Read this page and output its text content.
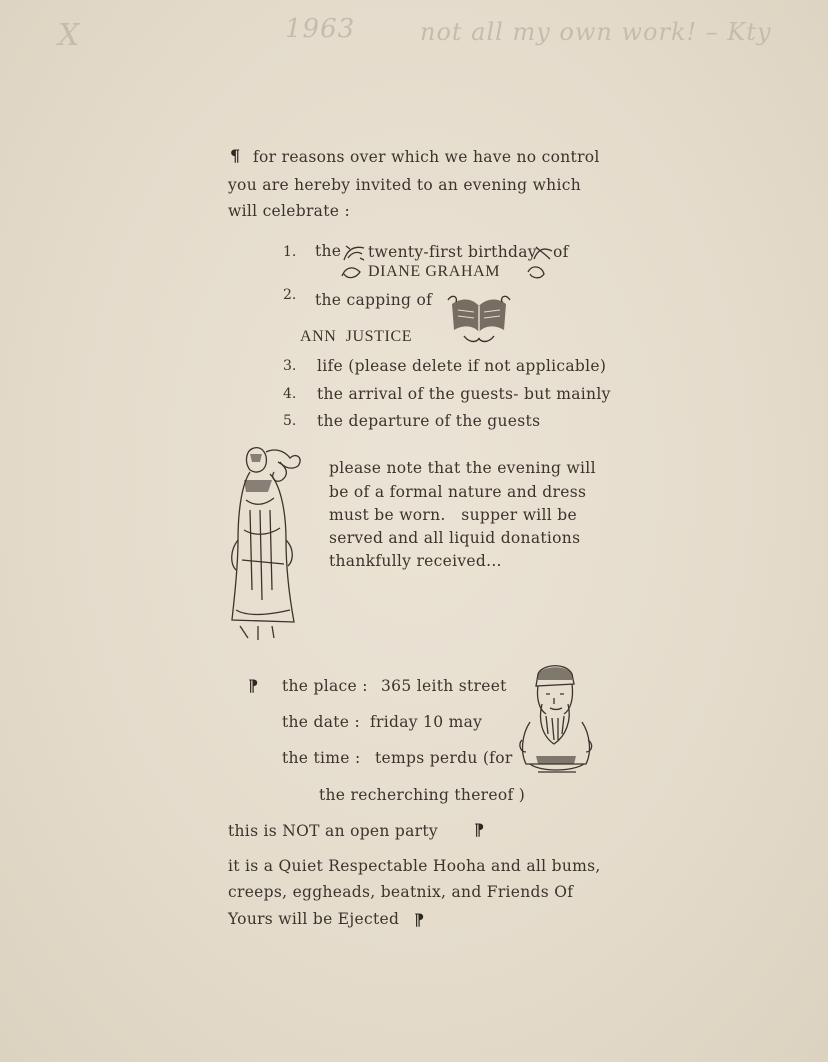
X	1963	not all my own work! – Kty
¶ for reasons over which we have no control
you are hereby invited to an evening which
will celebrate :
1. the twenty-first birthday of
DIANE GRAHAM
2. the capping of
ANN  JUSTICE
3. life (please delete if not applicable)
4. the arrival of the guests- but mainly
5. the departure of the guests
please note that the evening will
be of a formal nature and dress
must be worn.   supper will be
served and all liquid donations
thankfully received...
⁋ the place : 365 leith street
the date : friday 10 may
the time : temps perdu (for
the recherching thereof )
this is NOT an open party ⁋
it is a Quiet Respectable Hooha and all bums,
creeps, eggheads, beatnix, and Friends Of
Yours will be Ejected ⁋
